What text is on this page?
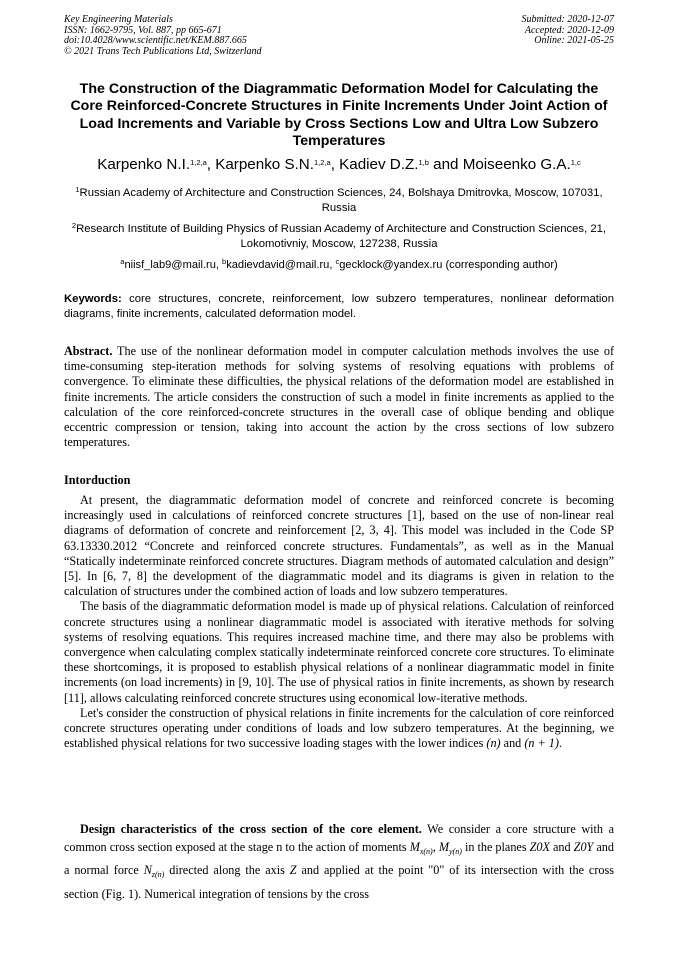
Key Engineering Materials
ISSN: 1662-9795, Vol. 887, pp 665-671
doi:10.4028/www.scientific.net/KEM.887.665
© 2021 Trans Tech Publications Ltd, Switzerland
Submitted: 2020-12-07
Accepted: 2020-12-09
Online: 2021-05-25
The Construction of the Diagrammatic Deformation Model for Calculating the Core Reinforced-Concrete Structures in Finite Increments Under Joint Action of Load Increments and Variable by Cross Sections Low and Ultra Low Subzero Temperatures
Karpenko N.I.$^{1,2,a}$, Karpenko S.N.$^{1,2,a}$, Kadiev D.Z.$^{1,b}$ and Moiseenko G.A.$^{1,c}$
$^1$Russian Academy of Architecture and Construction Sciences, 24, Bolshaya Dmitrovka, Moscow, 107031, Russia
$^2$Research Institute of Building Physics of Russian Academy of Architecture and Construction Sciences, 21, Lokomotivniy, Moscow, 127238, Russia
$^a$niisf_lab9@mail.ru, $^b$kadievdavid@mail.ru, $^c$gecklock@yandex.ru (corresponding author)
Keywords: core structures, concrete, reinforcement, low subzero temperatures, nonlinear deformation diagrams, finite increments, calculated deformation model.
Abstract. The use of the nonlinear deformation model in computer calculation methods involves the use of time-consuming step-iteration methods for solving systems of resolving equations with problems of convergence. To eliminate these difficulties, the physical relations of the deformation model are established in finite increments. The article considers the construction of such a model in finite increments as applied to the calculation of the core reinforced-concrete structures in the overall case of oblique bending and oblique eccentric compression or tension, taking into account the action by the cross sections of low subzero temperatures.
Intorduction

At present, the diagrammatic deformation model of concrete and reinforced concrete is becoming increasingly used in calculations of reinforced concrete structures [1], based on the use of non-linear real diagrams of deformation of concrete and reinforcement [2, 3, 4]. This model was included in the Code SP 63.13330.2012 “Concrete and reinforced concrete structures. Fundamentals”, as well as in the Manual “Statically indeterminate reinforced concrete structures. Diagram methods of automated calculation and design” [5]. In [6, 7, 8] the development of the diagrammatic model and its diagrams is given in relation to the calculation of structures under the combined action of loads and low subzero temperatures.

The basis of the diagrammatic deformation model is made up of physical relations. Calculation of reinforced concrete structures using a nonlinear diagrammatic model is associated with iterative methods for solving systems of resolving equations. This requires increased machine time, and there may also be problems with convergence when calculating complex statically indeterminate reinforced concrete core structures. To eliminate these shortcomings, it is proposed to establish physical relations of a nonlinear diagrammatic model in finite increments (on load increments) in [9, 10]. The use of physical ratios in finite increments, as shown by research [11], allows calculating reinforced concrete structures using economical low-iterative methods.

Let's consider the construction of physical relations in finite increments for the calculation of core reinforced concrete structures operating under conditions of loads and low subzero temperatures. At the beginning, we established physical relations for two successive loading stages with the lower indices (n) and (n + 1).

Design characteristics of the cross section of the core element. We consider a core structure with a common cross section exposed at the stage n to the action of moments $M_{x(n)}$, $M_{y(n)}$ in the planes Z0X and Z0Y and a normal force $N_{z(n)}$ directed along the axis Z and applied at the point "0" of its intersection with the cross section (Fig. 1). Numerical integration of tensions by the cross
